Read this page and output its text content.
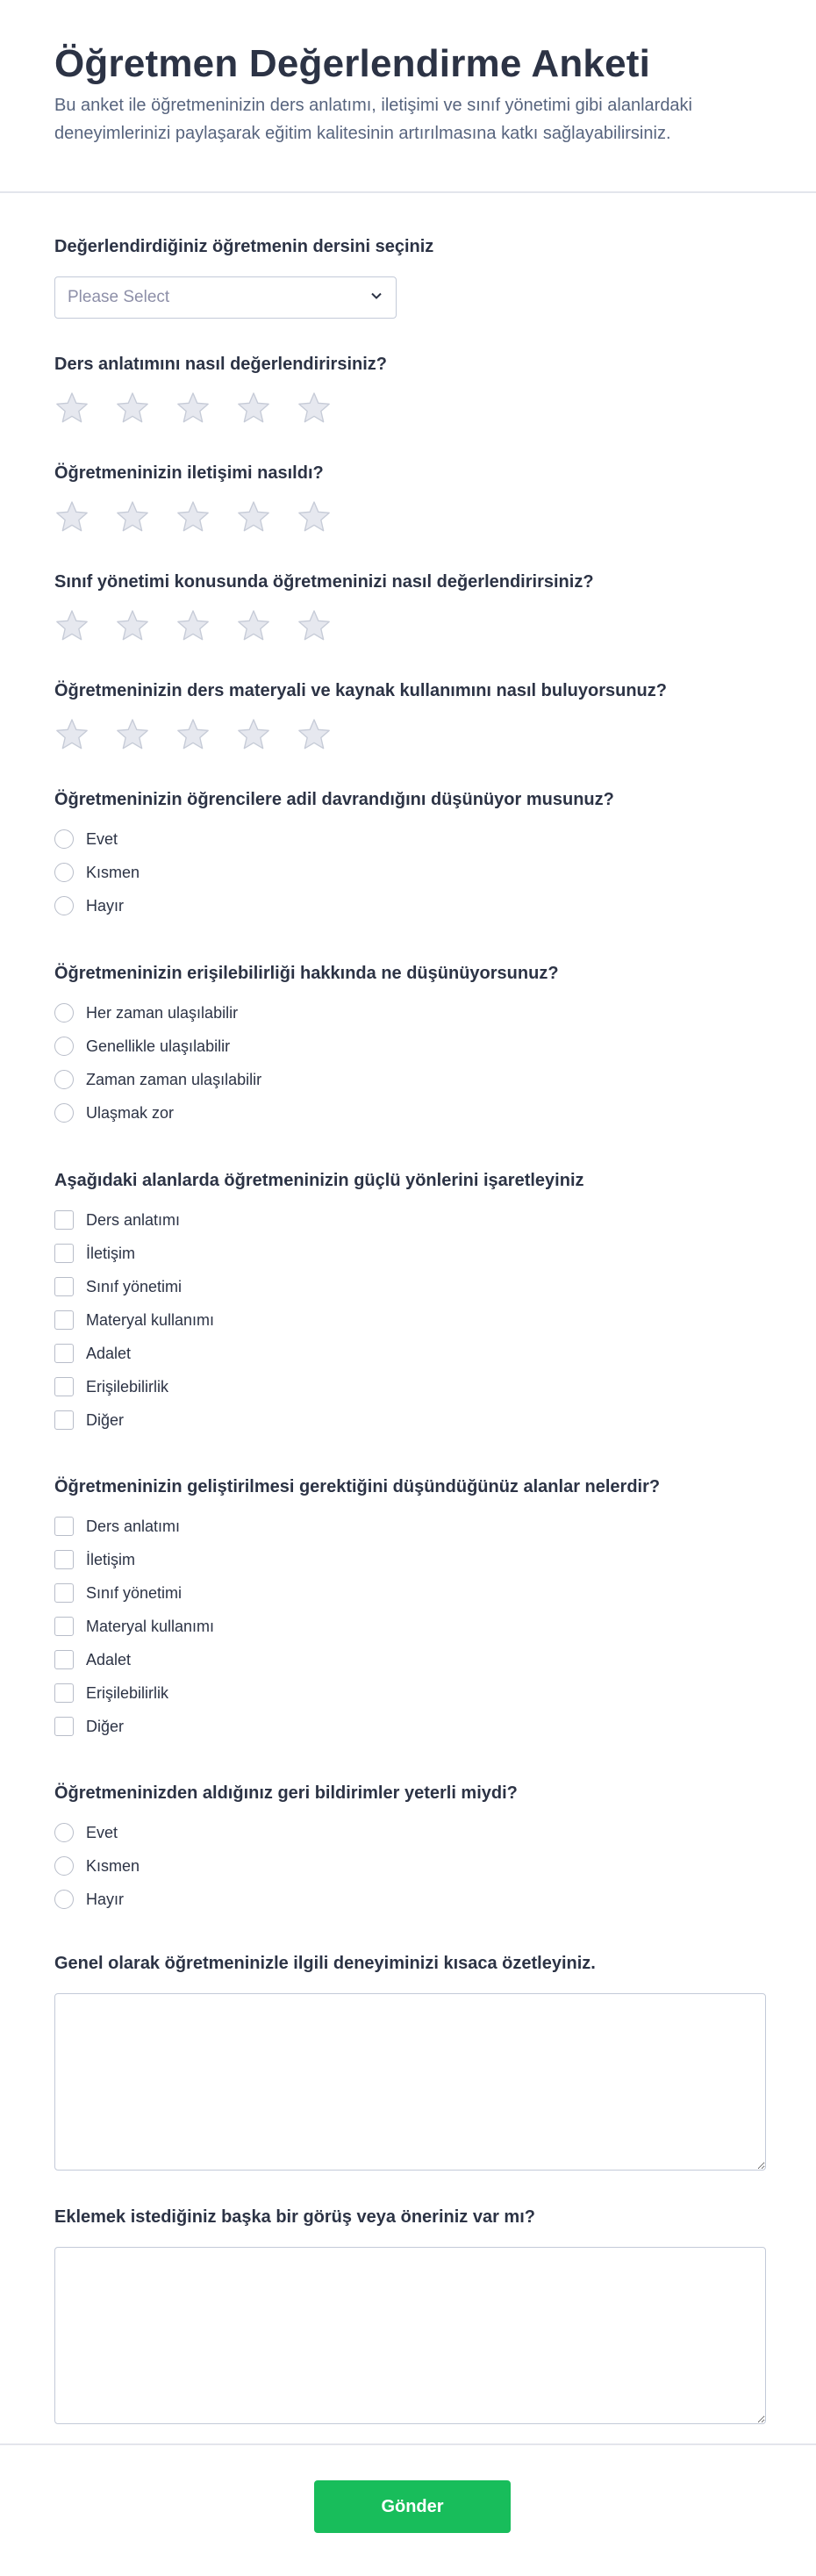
Öğretmen Değerlendirme Anketi

Bu anket ile öğretmeninizin ders anlatımı, iletişimi ve sınıf yönetimi gibi alanlardaki deneyimlerinizi paylaşarak eğitim kalitesinin artırılmasına katkı sağlayabilirsiniz.

Değerlendirdiğiniz öğretmenin dersini seçiniz
Please Select
Ders anlatımını nasıl değerlendirirsiniz?
Öğretmeninizin iletişimi nasıldı?
Sınıf yönetimi konusunda öğretmeninizi nasıl değerlendirirsiniz?
Öğretmeninizin ders materyali ve kaynak kullanımını nasıl buluyorsunuz?
Öğretmeninizin öğrencilere adil davrandığını düşünüyor musunuz?
Evet
Kısmen
Hayır
Öğretmeninizin erişilebilirliği hakkında ne düşünüyorsunuz?
Her zaman ulaşılabilir
Genellikle ulaşılabilir
Zaman zaman ulaşılabilir
Ulaşmak zor
Aşağıdaki alanlarda öğretmeninizin güçlü yönlerini işaretleyiniz
Ders anlatımı
İletişim
Sınıf yönetimi
Materyal kullanımı
Adalet
Erişilebilirlik
Diğer
Öğretmeninizin geliştirilmesi gerektiğini düşündüğünüz alanlar nelerdir?
Ders anlatımı
İletişim
Sınıf yönetimi
Materyal kullanımı
Adalet
Erişilebilirlik
Diğer
Öğretmeninizden aldığınız geri bildirimler yeterli miydi?
Evet
Kısmen
Hayır
Genel olarak öğretmeninizle ilgili deneyiminizi kısaca özetleyiniz.
Eklemek istediğiniz başka bir görüş veya öneriniz var mı?
Gönder
